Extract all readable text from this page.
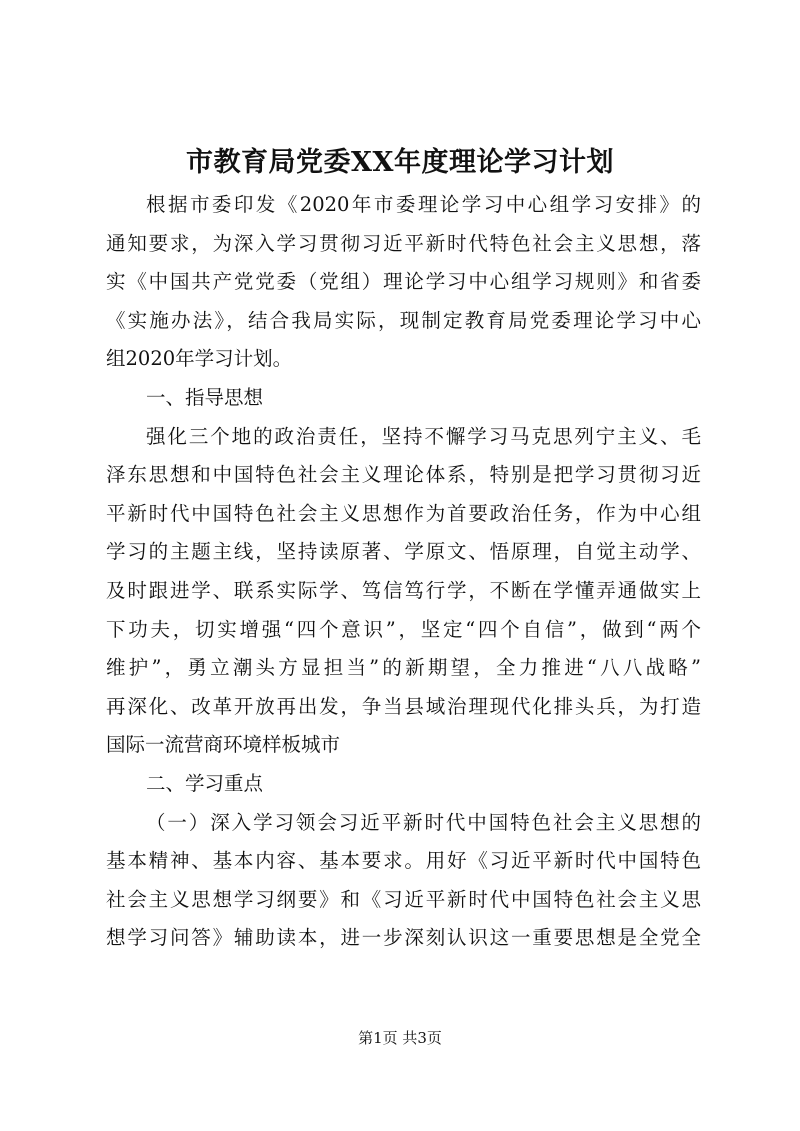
市教育局党委XX年度理论学习计划
根据市委印发《2020年市委理论学习中心组学习安排》的
通知要求，为深入学习贯彻习近平新时代特色社会主义思想，落
实《中国共产党党委（党组）理论学习中心组学习规则》和省委
《实施办法》，结合我局实际，现制定教育局党委理论学习中心
组2020年学习计划。
一、指导思想
强化三个地的政治责任，坚持不懈学习马克思列宁主义、毛
泽东思想和中国特色社会主义理论体系，特别是把学习贯彻习近
平新时代中国特色社会主义思想作为首要政治任务，作为中心组
学习的主题主线，坚持读原著、学原文、悟原理，自觉主动学、
及时跟进学、联系实际学、笃信笃行学，不断在学懂弄通做实上
下功夫，切实增强“四个意识”，坚定“四个自信”，做到“两个
维护”，勇立潮头方显担当”的新期望，全力推进“八八战略”
再深化、改革开放再出发，争当县域治理现代化排头兵，为打造
国际一流营商环境样板城市
二、学习重点
（一）深入学习领会习近平新时代中国特色社会主义思想的
基本精神、基本内容、基本要求。用好《习近平新时代中国特色
社会主义思想学习纲要》和《习近平新时代中国特色社会主义思
想学习问答》辅助读本，进一步深刻认识这一重要思想是全党全
第1页 共3页
